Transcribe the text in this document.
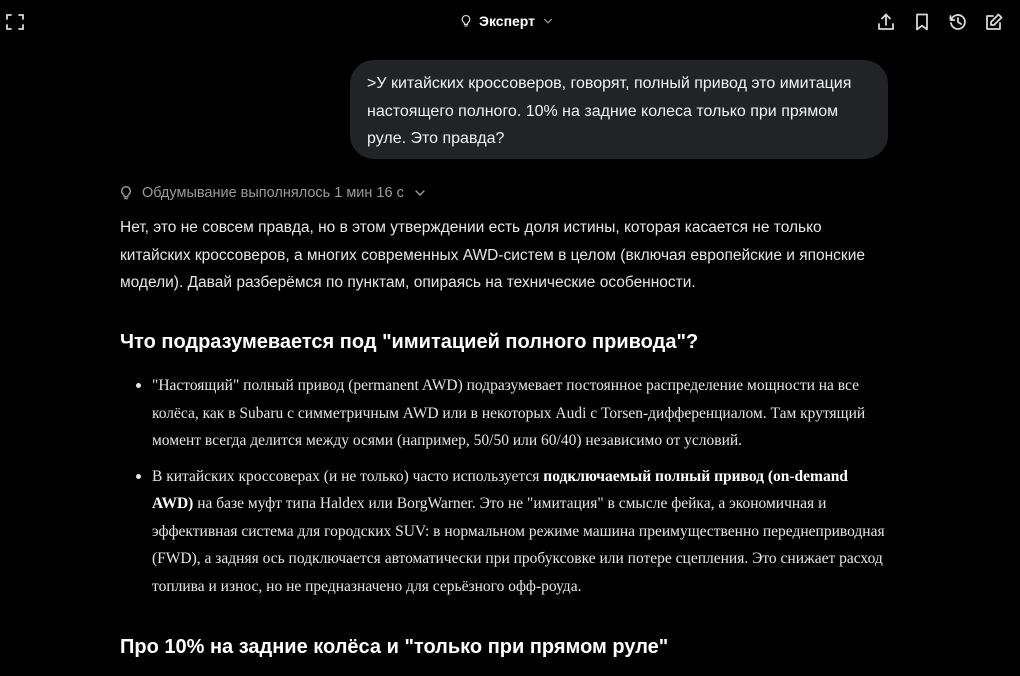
Эксперт
>У китайских кроссоверов, говорят, полный привод это имитация настоящего полного. 10% на задние колеса только при прямом руле. Это правда?
Обдумывание выполнялось 1 мин 16 с

Нет, это не совсем правда, но в этом утверждении есть доля истины, которая касается не только китайских кроссоверов, а многих современных AWD-систем в целом (включая европейские и японские модели). Давай разберёмся по пунктам, опираясь на технические особенности.

Что подразумевается под "имитацией полного привода"?
"Настоящий" полный привод (permanent AWD) подразумевает постоянное распределение мощности на все колёса, как в Subaru с симметричным AWD или в некоторых Audi с Torsen-дифференциалом. Там крутящий момент всегда делится между осями (например, 50/50 или 60/40) независимо от условий.
В китайских кроссоверах (и не только) часто используется подключаемый полный привод (on-demand AWD) на базе муфт типа Haldex или BorgWarner. Это не "имитация" в смысле фейка, а экономичная и эффективная система для городских SUV: в нормальном режиме машина преимущественно переднеприводная (FWD), а задняя ось подключается автоматически при пробуксовке или потере сцепления. Это снижает расход топлива и износ, но не предназначено для серьёзного офф-роуда.
Про 10% на задние колёса и "только при прямом руле"
